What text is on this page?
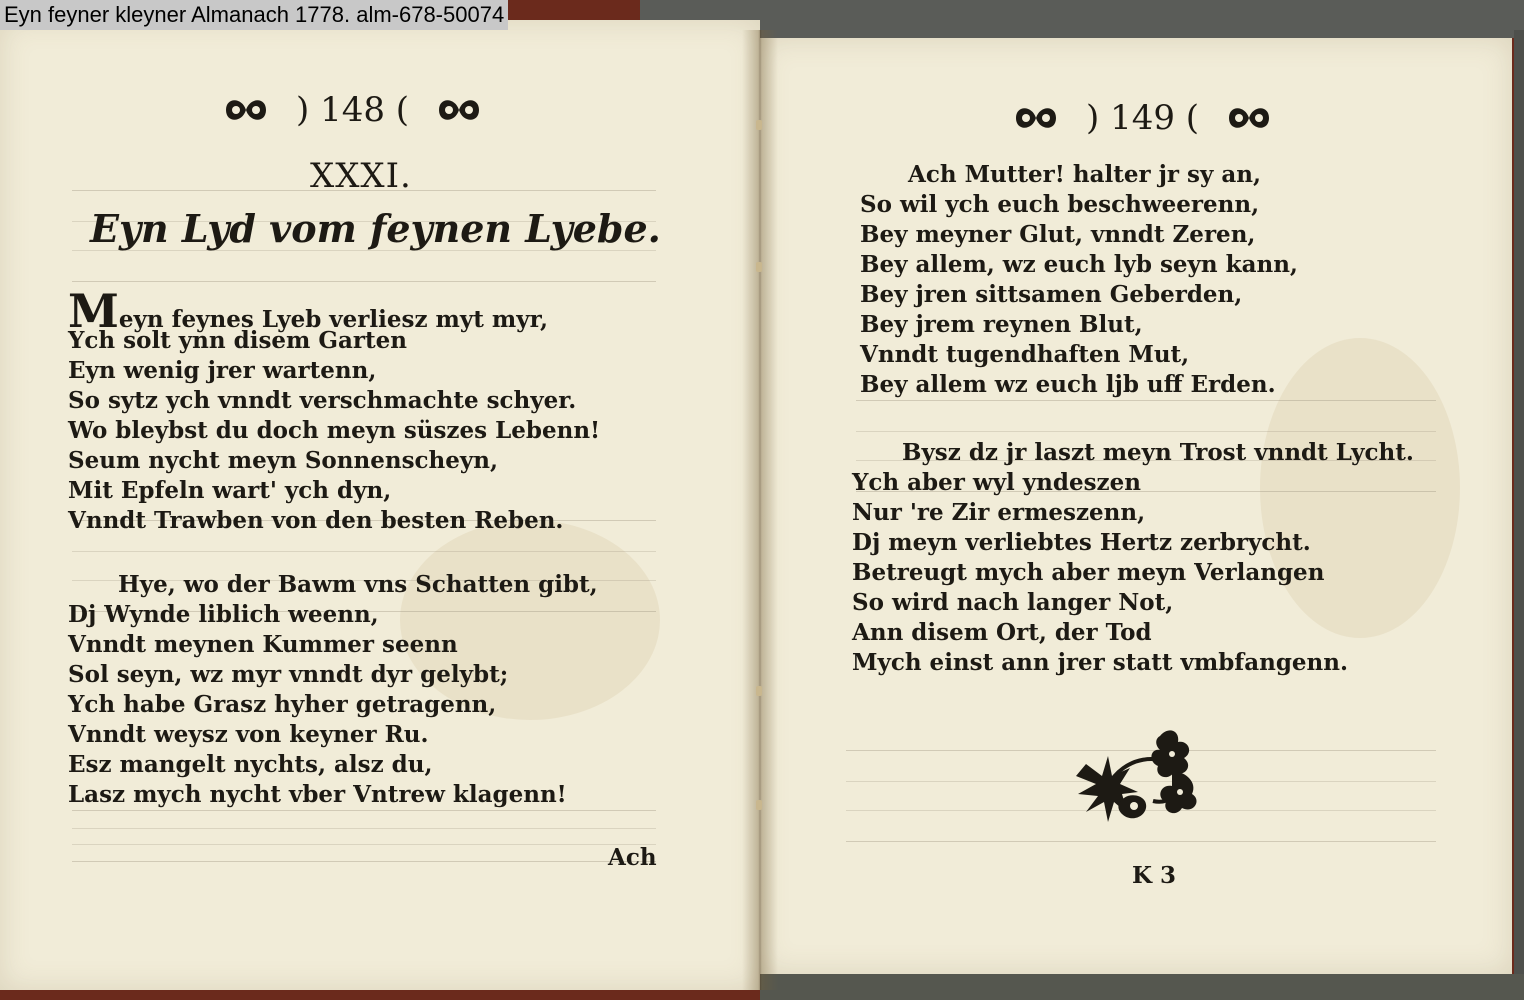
Eyn feyner kleyner Almanach 1778. alm-678-50074
) 148 (
XXXI.
Eyn Lyd vom feynen Lyebe.
Meyn feynes Lyeb verliesz myt myr,
Ych solt ynn disem Garten
Eyn wenig jrer wartenn,
So sytz ych vnndt verschmachte schyer.
Wo bleybst du doch meyn süszes Lebenn!
Seum nycht meyn Sonnenscheyn,
Mit Epfeln wart' ych dyn,
Vnndt Trawben von den besten Reben.
Hye, wo der Bawm vns Schatten gibt,
Dj Wynde liblich weenn,
Vnndt meynen Kummer seenn
Sol seyn, wz myr vnndt dyr gelybt;
Ych habe Grasz hyher getragenn,
Vnndt weysz von keyner Ru.
Esz mangelt nychts, alsz du,
Lasz mych nycht vber Vntrew klagenn!
Ach
) 149 (
Ach Mutter! halter jr sy an,
So wil ych euch beschweerenn,
Bey meyner Glut, vnndt Zeren,
Bey allem, wz euch lyb seyn kann,
Bey jren sittsamen Geberden,
Bey jrem reynen Blut,
Vnndt tugendhaften Mut,
Bey allem wz euch ljb uff Erden.
Bysz dz jr laszt meyn Trost vnndt Lycht.
Ych aber wyl yndeszen
Nur 're Zir ermeszenn,
Dj meyn verliebtes Hertz zerbrycht.
Betreugt mych aber meyn Verlangen
So wird nach langer Not,
Ann disem Ort, der Tod
Mych einst ann jrer statt vmbfangenn.
K 3
